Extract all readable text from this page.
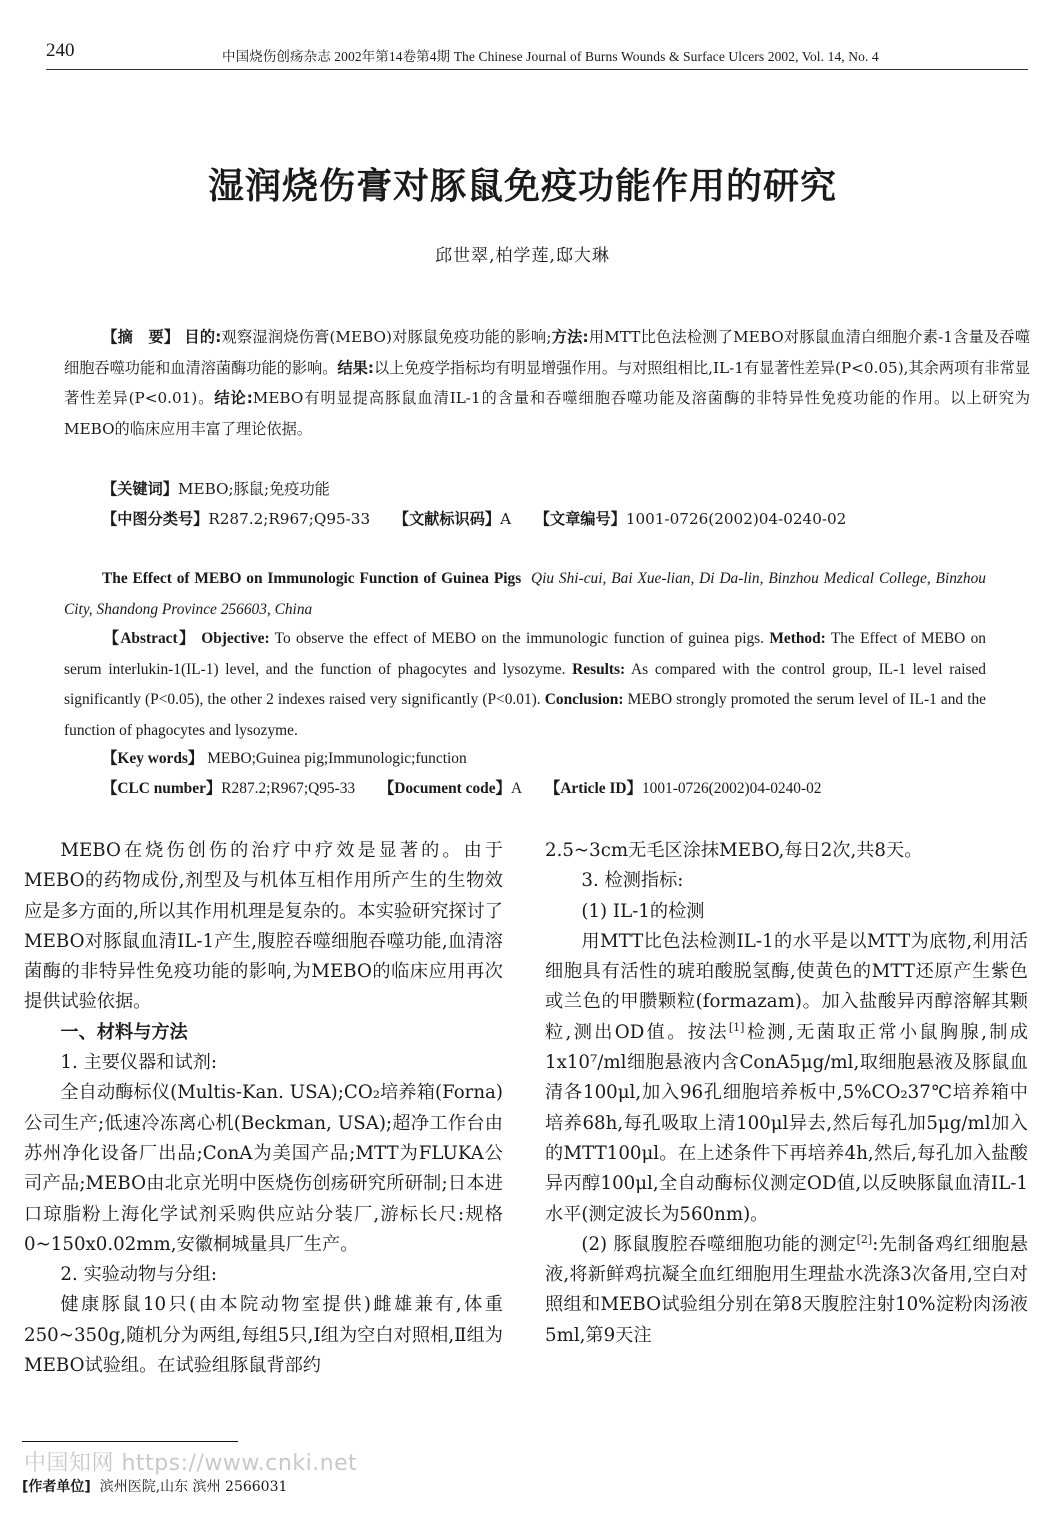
240	中国烧伤创疡杂志 2002年第14卷第4期 The Chinese Journal of Burns Wounds & Surface Ulcers 2002, Vol. 14, No. 4
湿润烧伤膏对豚鼠免疫功能作用的研究
邱世翠,柏学莲,邸大琳
【摘　要】 目的:观察湿润烧伤膏(MEBO)对豚鼠免疫功能的影响;方法:用MTT比色法检测了MEBO对豚鼠血清白细胞介素-1含量及吞噬细胞吞噬功能和血清溶菌酶功能的影响。结果:以上免疫学指标均有明显增强作用。与对照组相比,IL-1有显著性差异(P<0.05),其余两项有非常显著性差异(P<0.01)。结论:MEBO有明显提高豚鼠血清IL-1的含量和吞噬细胞吞噬功能及溶菌酶的非特异性免疫功能的作用。以上研究为MEBO的临床应用丰富了理论依据。
【关键词】MEBO;豚鼠;免疫功能
【中图分类号】R287.2;R967;Q95-33 【文献标识码】A 【文章编号】1001-0726(2002)04-0240-02
The Effect of MEBO on Immunologic Function of Guinea Pigs Qiu Shi-cui, Bai Xue-lian, Di Da-lin, Binzhou Medical College, Binzhou City, Shandong Province 256603, China
【Abstract】 Objective: To observe the effect of MEBO on the immunologic function of guinea pigs. Method: The Effect of MEBO on serum interlukin-1(IL-1) level, and the function of phagocytes and lysozyme. Results: As compared with the control group, IL-1 level raised significantly (P<0.05), the other 2 indexes raised very significantly (P<0.01). Conclusion: MEBO strongly promoted the serum level of IL-1 and the function of phagocytes and lysozyme.
【Key words】 MEBO;Guinea pig;Immunologic;function
【CLC number】R287.2;R967;Q95-33 【Document code】A 【Article ID】1001-0726(2002)04-0240-02

MEBO在烧伤创伤的治疗中疗效是显著的。由于MEBO的药物成份,剂型及与机体互相作用所产生的生物效应是多方面的,所以其作用机理是复杂的。本实验研究探讨了MEBO对豚鼠血清IL-1产生,腹腔吞噬细胞吞噬功能,血清溶菌酶的非特异性免疫功能的影响,为MEBO的临床应用再次提供试验依据。

一、材料与方法

1. 主要仪器和试剂:

全自动酶标仪(Multis-Kan. USA);CO₂培养箱(Forna)公司生产;低速冷冻离心机(Beckman, USA);超净工作台由苏州净化设备厂出品;ConA为美国产品;MTT为FLUKA公司产品;MEBO由北京光明中医烧伤创疡研究所研制;日本进口琼脂粉上海化学试剂采购供应站分装厂,游标长尺:规格0~150x0.02mm,安徽桐城量具厂生产。

2. 实验动物与分组:

健康豚鼠10只(由本院动物室提供)雌雄兼有,体重250~350g,随机分为两组,每组5只,Ⅰ组为空白对照相,Ⅱ组为MEBO试验组。在试验组豚鼠背部约

2.5~3cm无毛区涂抹MEBO,每日2次,共8天。

3. 检测指标:

(1) IL-1的检测

用MTT比色法检测IL-1的水平是以MTT为底物,利用活细胞具有活性的琥珀酸脱氢酶,使黄色的MTT还原产生紫色或兰色的甲臜颗粒(formazam)。加入盐酸异丙醇溶解其颗粒,测出OD值。按法[1]检测,无菌取正常小鼠胸腺,制成1x10⁷/ml细胞悬液内含ConA5μg/ml,取细胞悬液及豚鼠血清各100μl,加入96孔细胞培养板中,5%CO₂37℃培养箱中培养68h,每孔吸取上清100μl异去,然后每孔加5μg/ml加入的MTT100μl。在上述条件下再培养4h,然后,每孔加入盐酸异丙醇100μl,全自动酶标仪测定OD值,以反映豚鼠血清IL-1水平(测定波长为560nm)。

(2) 豚鼠腹腔吞噬细胞功能的测定[2]:先制备鸡红细胞悬液,将新鲜鸡抗凝全血红细胞用生理盐水洗涤3次备用,空白对照组和MEBO试验组分别在第8天腹腔注射10%淀粉肉汤液5ml,第9天注

中国知网 https://www.cnki.net
[作者单位] 滨州医院,山东 滨州 2566031
